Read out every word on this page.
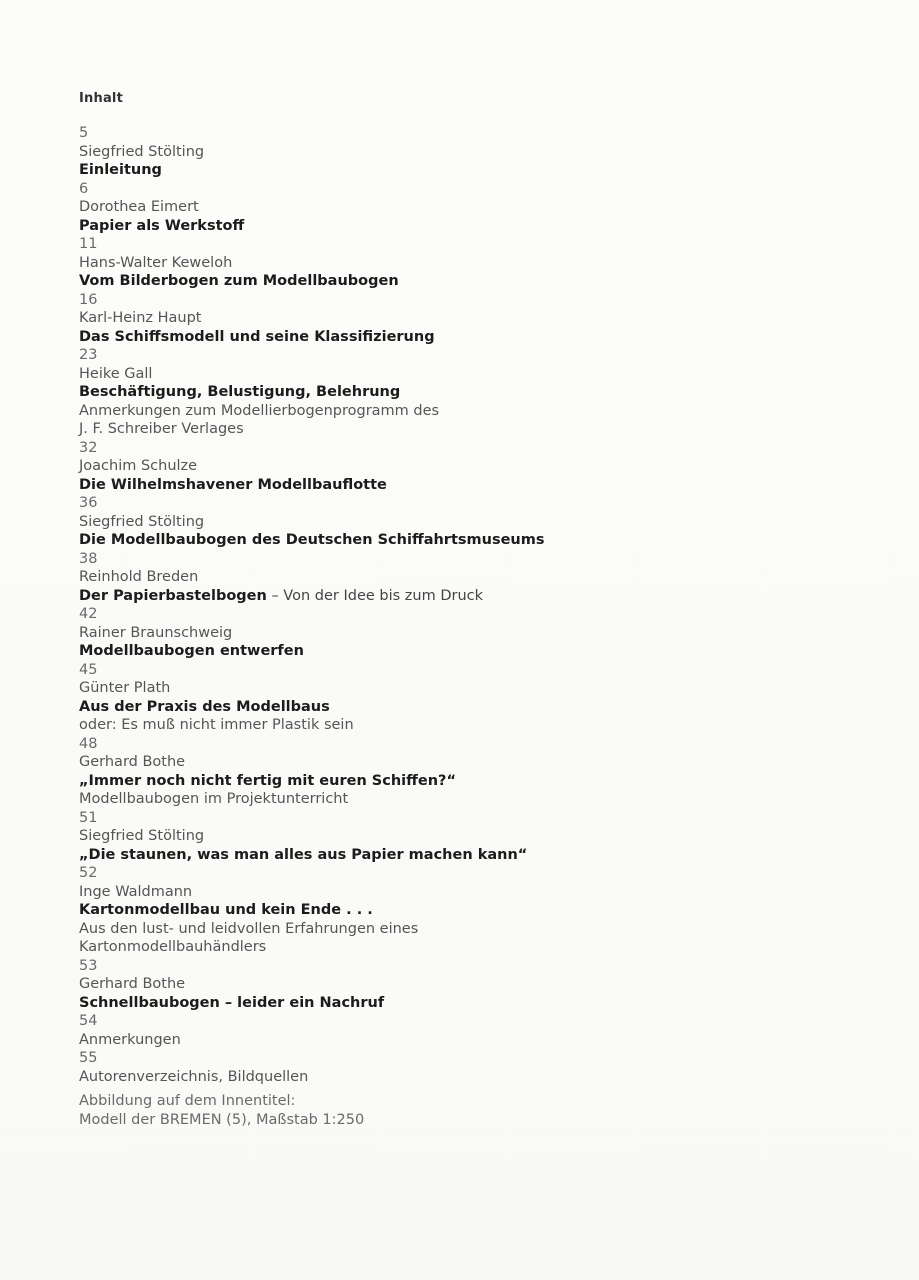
Inhalt
5
Siegfried Stölting
Einleitung
6
Dorothea Eimert
Papier als Werkstoff
11
Hans-Walter Keweloh
Vom Bilderbogen zum Modellbaubogen
16
Karl-Heinz Haupt
Das Schiffsmodell und seine Klassifizierung
23
Heike Gall
Beschäftigung, Belustigung, Belehrung
Anmerkungen zum Modellierbogenprogramm des
J. F. Schreiber Verlages
32
Joachim Schulze
Die Wilhelmshavener Modellbauflotte
36
Siegfried Stölting
Die Modellbaubogen des Deutschen Schiffahrtsmuseums
38
Reinhold Breden
Der Papierbastelbogen – Von der Idee bis zum Druck
42
Rainer Braunschweig
Modellbaubogen entwerfen
45
Günter Plath
Aus der Praxis des Modellbaus
oder: Es muß nicht immer Plastik sein
48
Gerhard Bothe
„Immer noch nicht fertig mit euren Schiffen?“
Modellbaubogen im Projektunterricht
51
Siegfried Stölting
„Die staunen, was man alles aus Papier machen kann“
52
Inge Waldmann
Kartonmodellbau und kein Ende . . .
Aus den lust- und leidvollen Erfahrungen eines
Kartonmodellbauhändlers
53
Gerhard Bothe
Schnellbaubogen – leider ein Nachruf
54
Anmerkungen
55
Autorenverzeichnis, Bildquellen
Abbildung auf dem Innentitel:
Modell der BREMEN (5), Maßstab 1:250
